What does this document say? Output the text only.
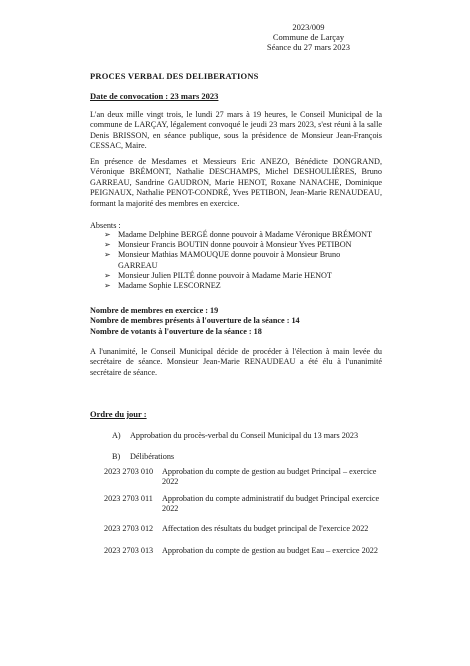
2023/009
Commune de Larçay
Séance du 27 mars 2023
PROCES VERBAL DES DELIBERATIONS
Date de convocation : 23 mars 2023
L'an deux mille vingt trois, le lundi 27 mars à 19 heures, le Conseil Municipal de la commune de LARÇAY, légalement convoqué le jeudi 23 mars 2023, s'est réuni à la salle Denis BRISSON, en séance publique, sous la présidence de Monsieur Jean-François CESSAC, Maire.
En présence de Mesdames et Messieurs Eric ANEZO, Bénédicte DONGRAND, Véronique BRÉMONT, Nathalie DESCHAMPS, Michel DESHOULIÈRES, Bruno GARREAU, Sandrine GAUDRON, Marie HENOT, Roxane NANACHE, Dominique PEIGNAUX, Nathalie PENOT-CONDRÉ, Yves PETIBON, Jean-Marie RENAUDEAU, formant la majorité des membres en exercice.
Absents :
➢ Madame Delphine BERGÉ donne pouvoir à Madame Véronique BRÉMONT
➢ Monsieur Francis BOUTIN donne pouvoir à Monsieur Yves PETIBON
➢ Monsieur Mathias MAMOUQUE donne pouvoir à Monsieur Bruno GARREAU
➢ Monsieur Julien PILTÉ donne pouvoir à Madame Marie HENOT
➢ Madame Sophie LESCORNEZ
Nombre de membres en exercice : 19
Nombre de membres présents à l'ouverture de la séance : 14
Nombre de votants à l'ouverture de la séance : 18
A l'unanimité, le Conseil Municipal décide de procéder à l'élection à main levée du secrétaire de séance. Monsieur Jean-Marie RENAUDEAU a été élu à l'unanimité secrétaire de séance.
Ordre du jour :
A) Approbation du procès-verbal du Conseil Municipal du 13 mars 2023
B) Délibérations
2023 2703 010	Approbation du compte de gestion au budget Principal – exercice 2022
2023 2703 011	Approbation du compte administratif du budget Principal exercice 2022
2023 2703 012	Affectation des résultats du budget principal de l'exercice 2022
2023 2703 013	Approbation du compte de gestion au budget Eau – exercice 2022
